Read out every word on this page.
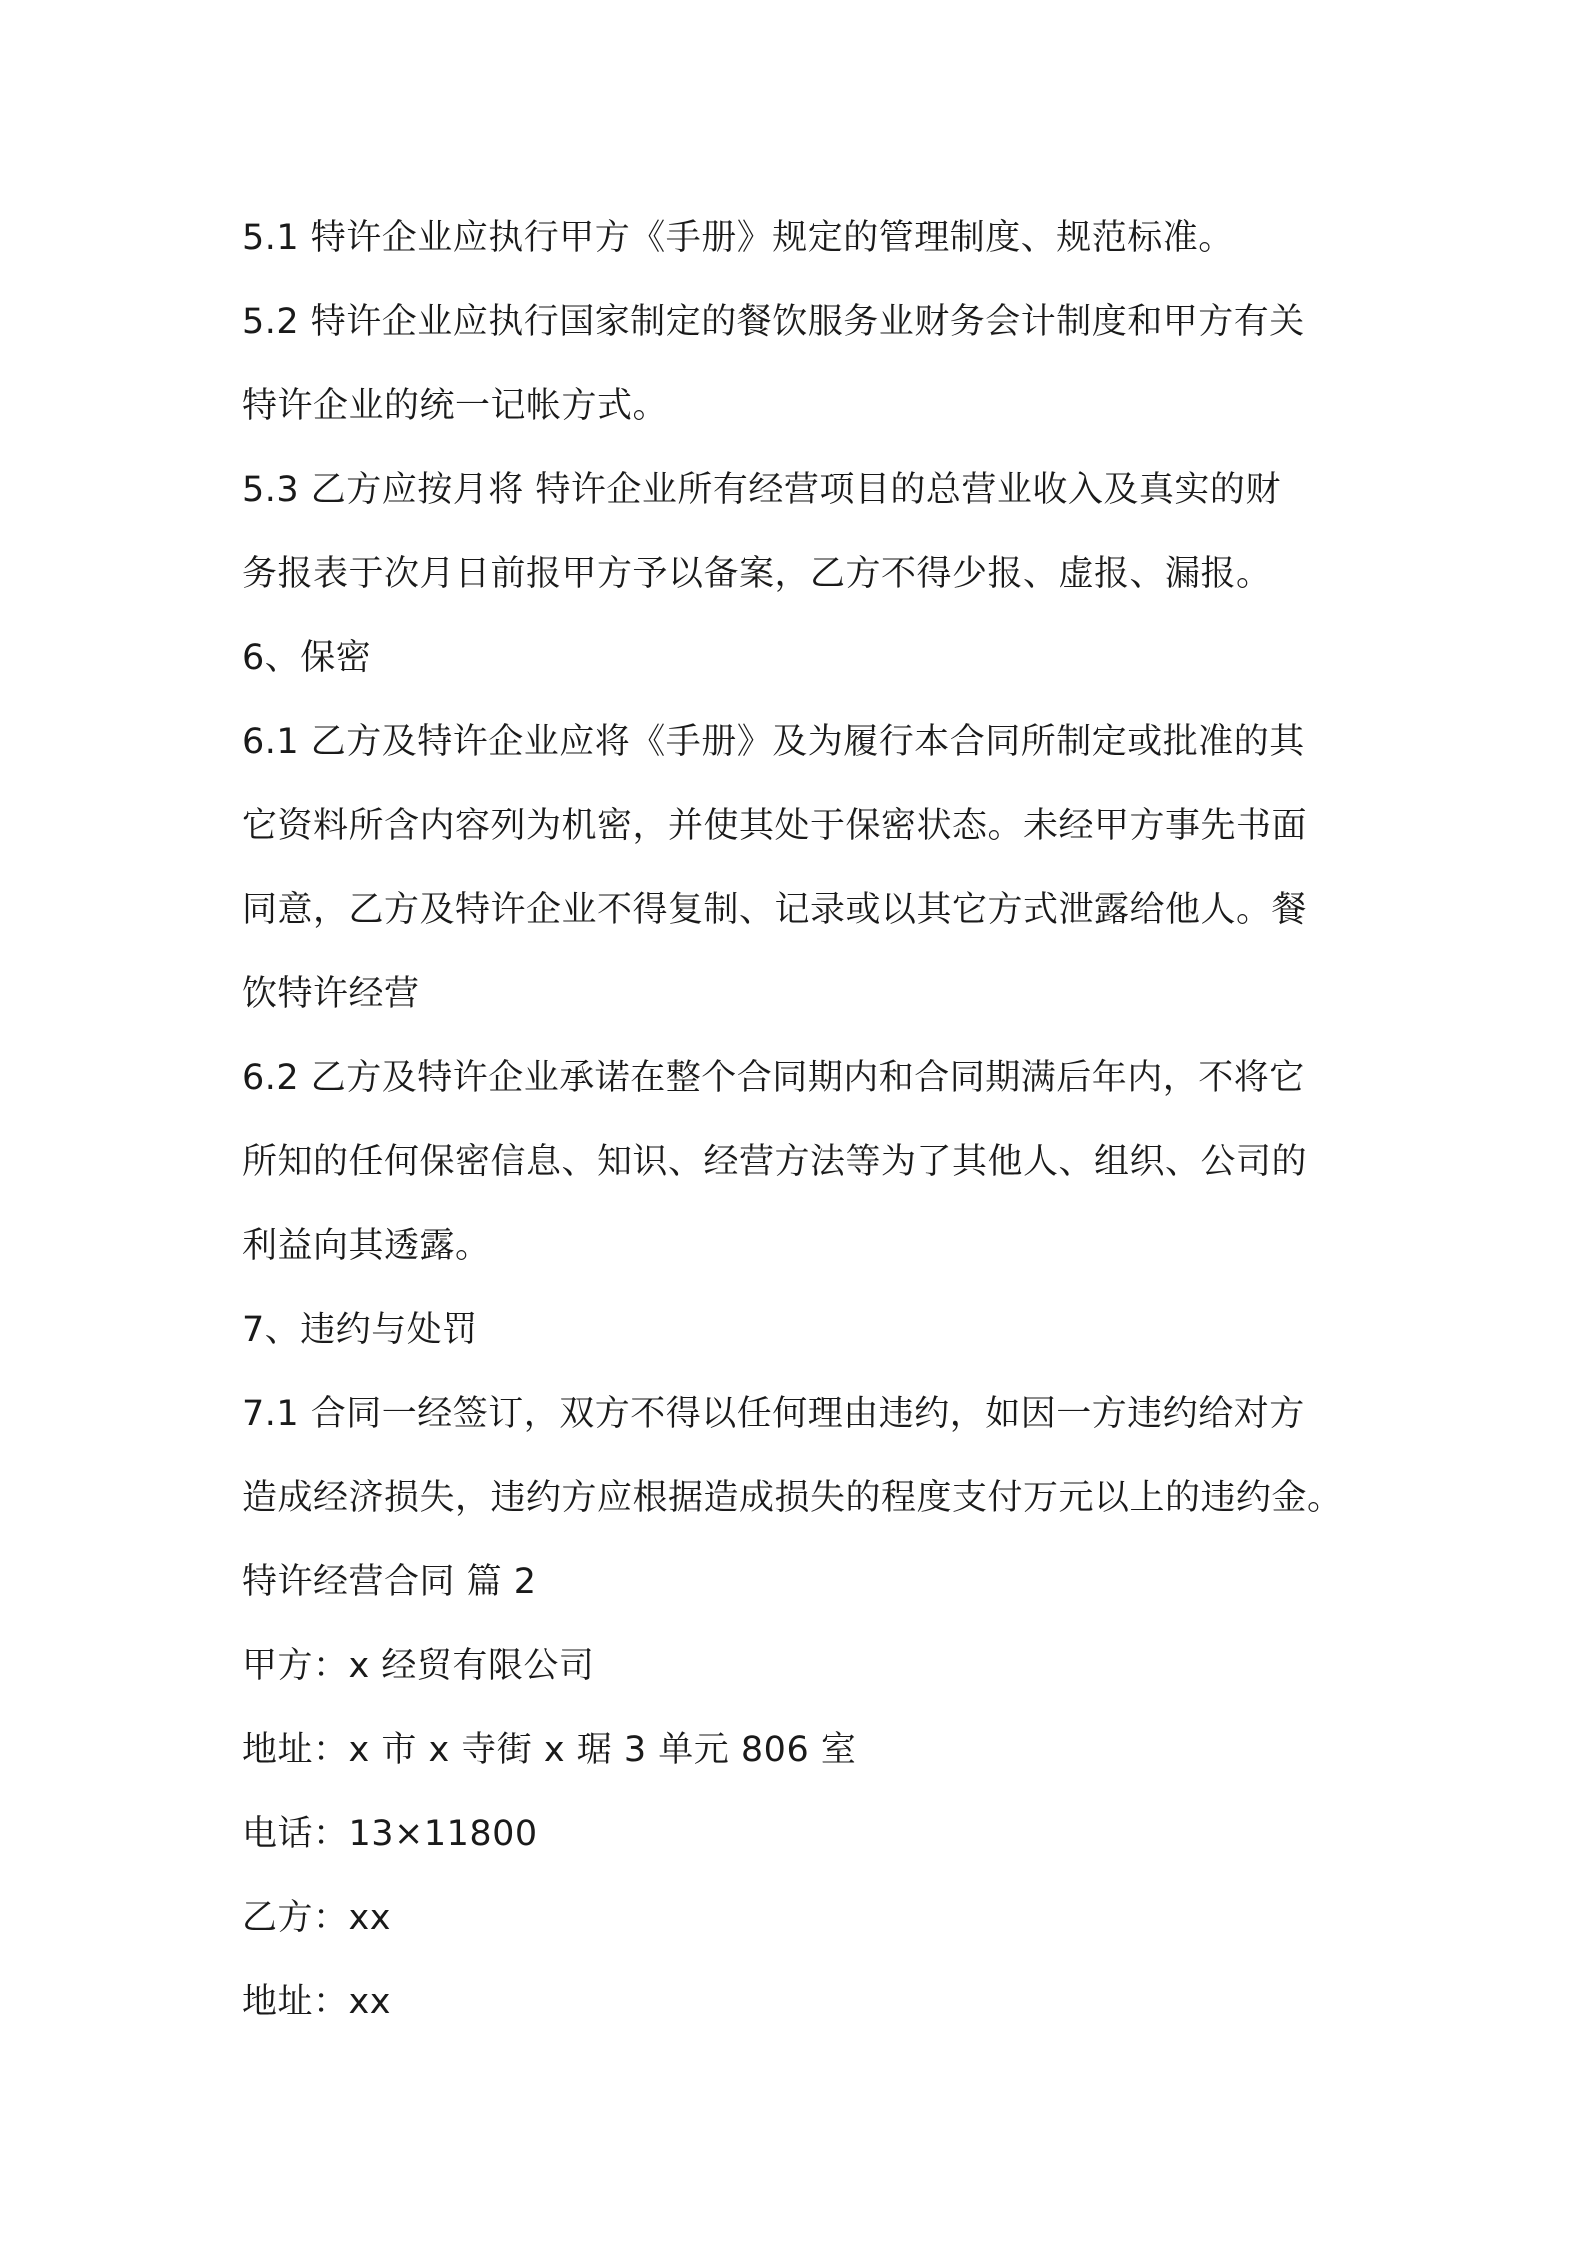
5.1 特许企业应执行甲方《手册》规定的管理制度、规范标准。
5.2 特许企业应执行国家制定的餐饮服务业财务会计制度和甲方有关
特许企业的统一记帐方式。
5.3 乙方应按月将 特许企业所有经营项目的总营业收入及真实的财
务报表于次月日前报甲方予以备案，乙方不得少报、虚报、漏报。
6、保密
6.1 乙方及特许企业应将《手册》及为履行本合同所制定或批准的其
它资料所含内容列为机密，并使其处于保密状态。未经甲方事先书面
同意，乙方及特许企业不得复制、记录或以其它方式泄露给他人。餐
饮特许经营
6.2 乙方及特许企业承诺在整个合同期内和合同期满后年内，不将它
所知的任何保密信息、知识、经营方法等为了其他人、组织、公司的
利益向其透露。
7、违约与处罚
7.1 合同一经签订，双方不得以任何理由违约，如因一方违约给对方
造成经济损失，违约方应根据造成损失的程度支付万元以上的违约金。
特许经营合同 篇 2
甲方：x 经贸有限公司
地址：x 市 x 寺街 x 琚 3 单元 806 室
电话：13×11800
乙方：xx
地址：xx
